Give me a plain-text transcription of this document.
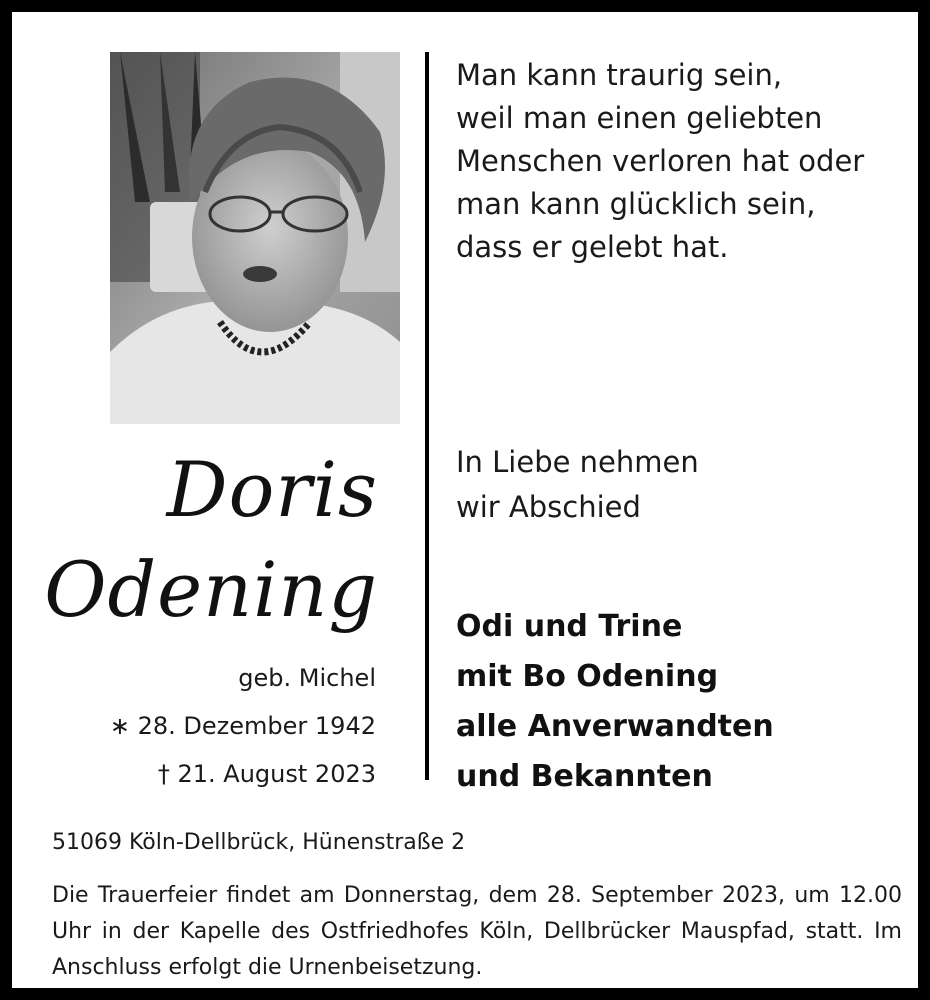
Man kann traurig sein,
weil man einen geliebten
Menschen verloren hat oder
man kann glücklich sein,
dass er gelebt hat.
Doris
Odening
geb. Michel
∗ 28. Dezember 1942
† 21. August 2023
In Liebe nehmen
wir Abschied
Odi und Trine
mit Bo Odening
alle Anverwandten
und Bekannten
51069 Köln-Dellbrück, Hünenstraße 2
Die Trauerfeier findet am Donnerstag, dem 28. September 2023, um 12.00 Uhr in der Kapelle des Ostfriedhofes Köln, Dellbrücker Mauspfad, statt. Im Anschluss erfolgt die Urnenbeisetzung.
